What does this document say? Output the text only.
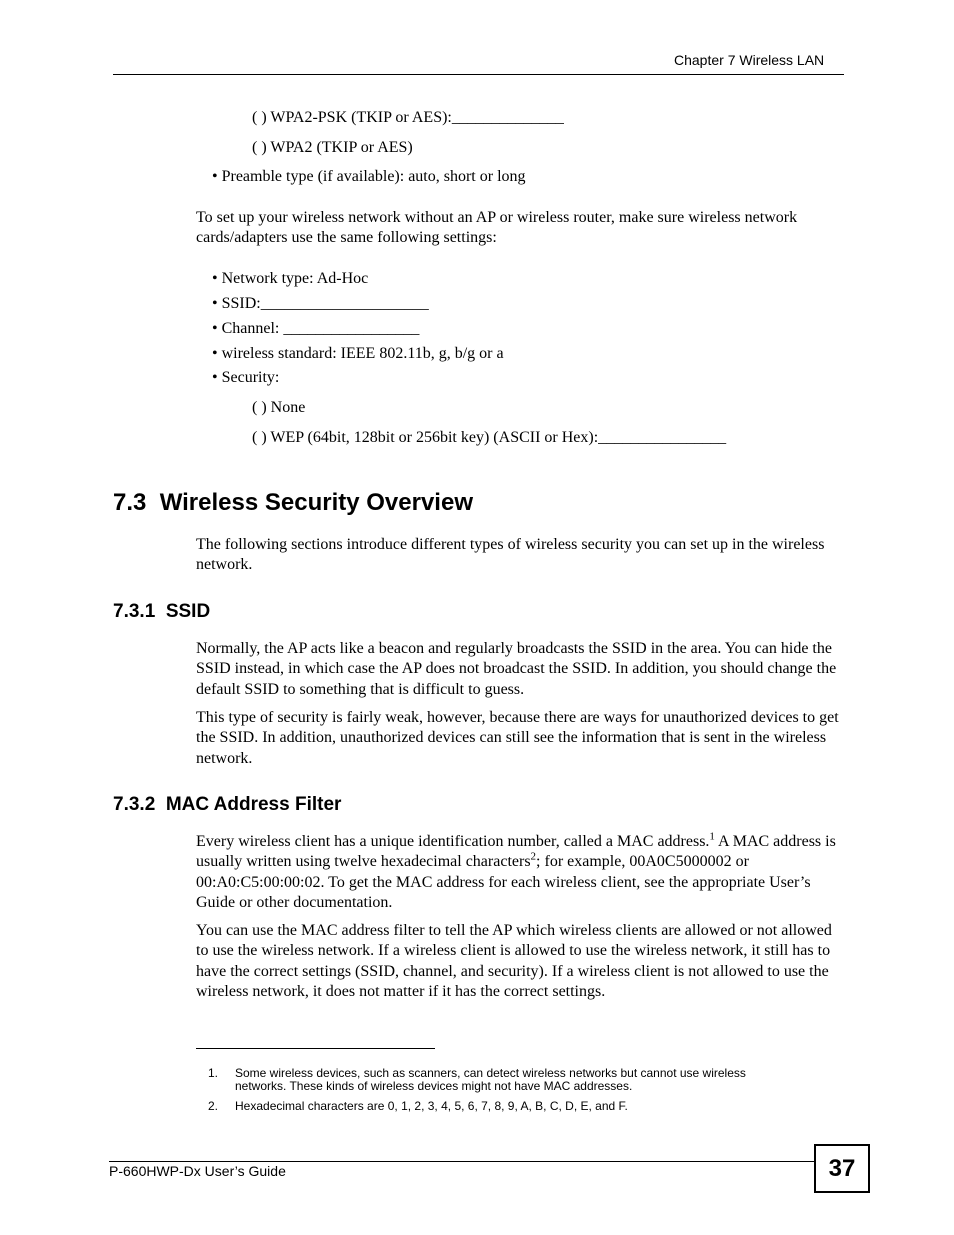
Chapter 7 Wireless LAN
( ) WPA2-PSK (TKIP or AES):______________
( ) WPA2 (TKIP or AES)
• Preamble type (if available): auto, short or long
To set up your wireless network without an AP or wireless router, make sure wireless network cards/adapters use the same following settings:
• Network type: Ad-Hoc
• SSID:_____________________
• Channel: _________________
• wireless standard: IEEE 802.11b, g, b/g or a
• Security:
( ) None
( ) WEP (64bit, 128bit or 256bit key) (ASCII or Hex):________________
7.3  Wireless Security Overview
The following sections introduce different types of wireless security you can set up in the wireless network.
7.3.1  SSID
Normally, the AP acts like a beacon and regularly broadcasts the SSID in the area. You can hide the SSID instead, in which case the AP does not broadcast the SSID. In addition, you should change the default SSID to something that is difficult to guess.
This type of security is fairly weak, however, because there are ways for unauthorized devices to get the SSID. In addition, unauthorized devices can still see the information that is sent in the wireless network.
7.3.2  MAC Address Filter
Every wireless client has a unique identification number, called a MAC address.$^1$ A MAC address is usually written using twelve hexadecimal characters$^2$; for example, 00A0C5000002 or 00:A0:C5:00:00:02. To get the MAC address for each wireless client, see the appropriate User’s Guide or other documentation.
You can use the MAC address filter to tell the AP which wireless clients are allowed or not allowed to use the wireless network. If a wireless client is allowed to use the wireless network, it still has to have the correct settings (SSID, channel, and security). If a wireless client is not allowed to use the wireless network, it does not matter if it has the correct settings.
1. Some wireless devices, such as scanners, can detect wireless networks but cannot use wireless networks. These kinds of wireless devices might not have MAC addresses.
2. Hexadecimal characters are 0, 1, 2, 3, 4, 5, 6, 7, 8, 9, A, B, C, D, E, and F.
P-660HWP-Dx User’s Guide	37
